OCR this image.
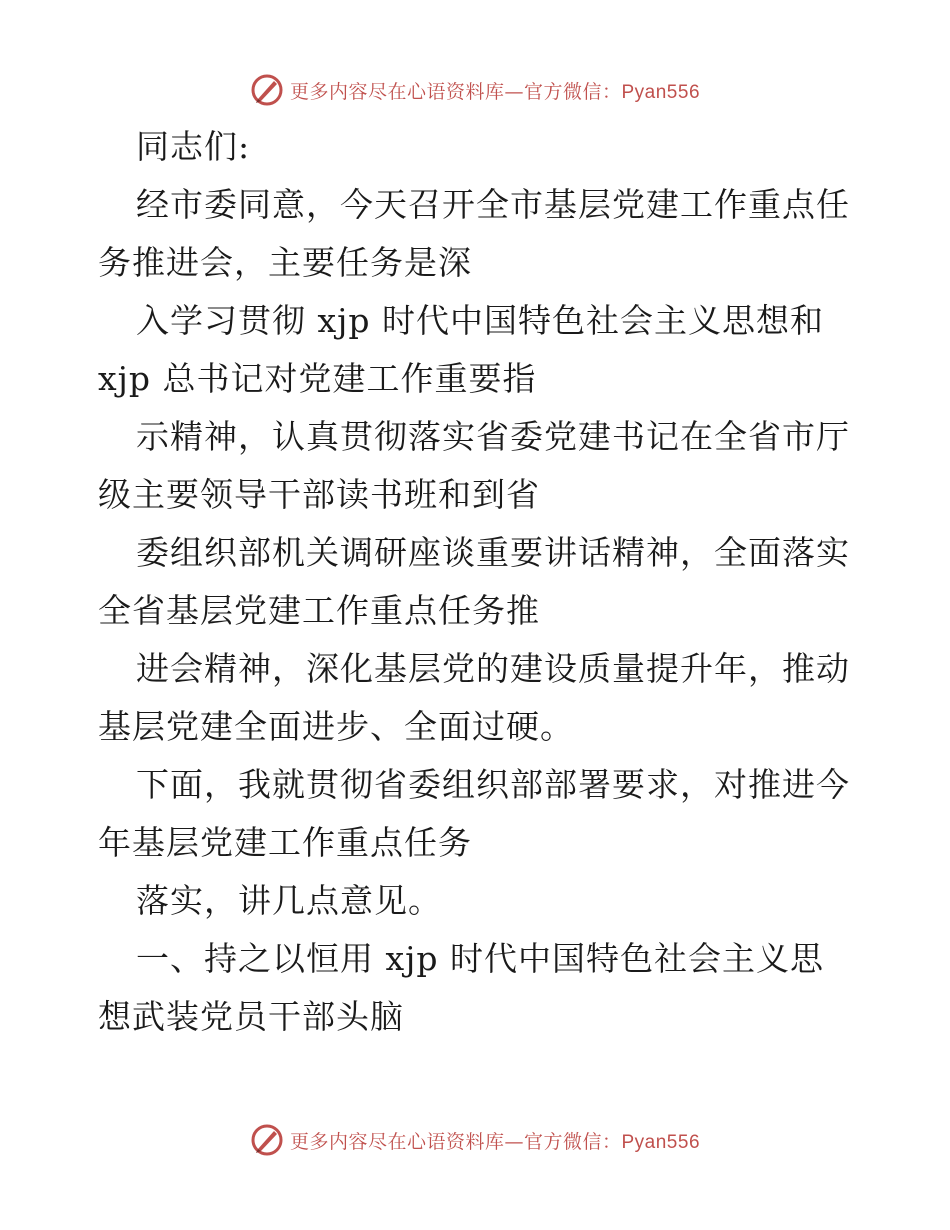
更多内容尽在心语资料库—官方微信：Pyan556
同志们:
经市委同意，今天召开全市基层党建工作重点任
务推进会，主要任务是深
入学习贯彻 xjp 时代中国特色社会主义思想和
xjp 总书记对党建工作重要指
示精神，认真贯彻落实省委党建书记在全省市厅
级主要领导干部读书班和到省
委组织部机关调研座谈重要讲话精神，全面落实
全省基层党建工作重点任务推
进会精神，深化基层党的建设质量提升年，推动
基层党建全面进步、全面过硬。
下面，我就贯彻省委组织部部署要求，对推进今
年基层党建工作重点任务
落实，讲几点意见。
一、持之以恒用 xjp 时代中国特色社会主义思
想武装党员干部头脑
更多内容尽在心语资料库—官方微信：Pyan556
